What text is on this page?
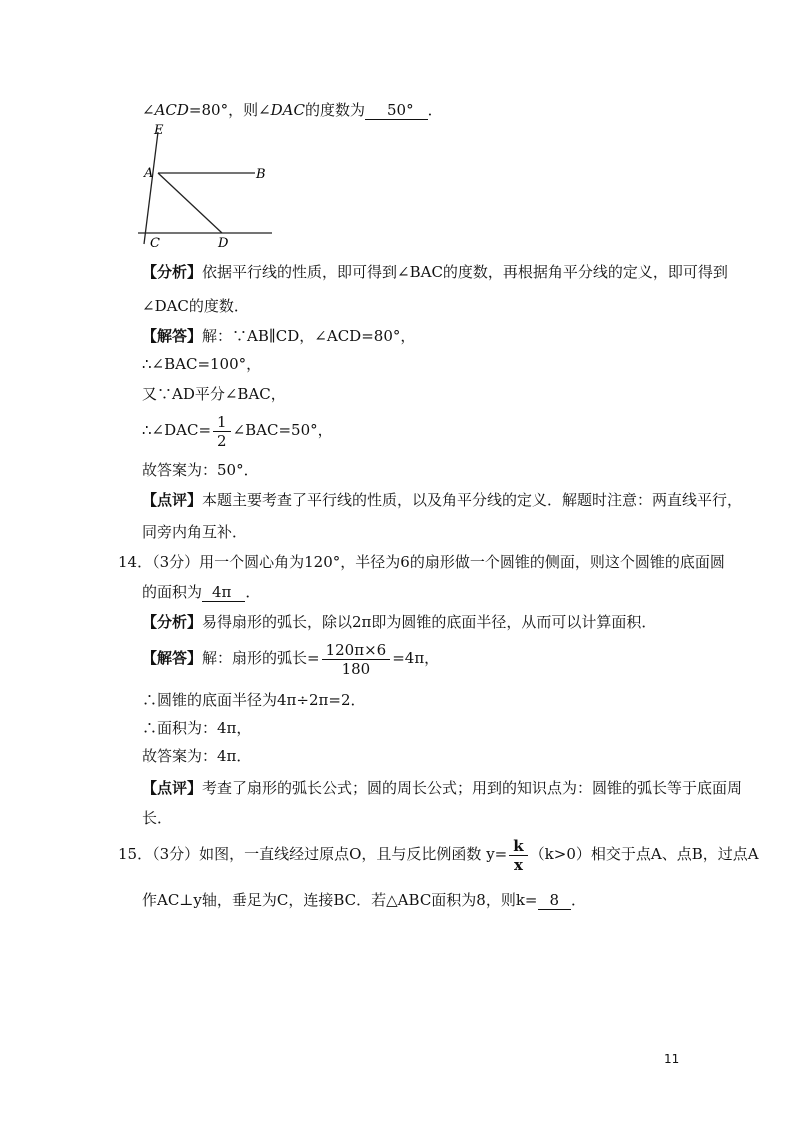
∠ACD=80°，则∠DAC的度数为 50° ．
E
A	B
C	D
【分析】依据平行线的性质，即可得到∠BAC的度数，再根据角平分线的定义，即可得到
∠DAC的度数．
【解答】解：∵AB∥CD，∠ACD=80°，
∴∠BAC=100°，
又∵AD平分∠BAC，
∴∠DAC= $\frac{1}{2}$ ∠BAC=50°，
故答案为：50°．
【点评】本题主要考查了平行线的性质，以及角平分线的定义．解题时注意：两直线平行，
同旁内角互补．
14．（3分）用一个圆心角为120°，半径为6的扇形做一个圆锥的侧面，则这个圆锥的底面圆
的面积为 4π ．
【分析】易得扇形的弧长，除以2π即为圆锥的底面半径，从而可以计算面积．
【解答】解：扇形的弧长= $\frac{120\pi\times 6}{180} =4\pi$，
∴圆锥的底面半径为4π÷2π=2．
∴面积为：4π，
故答案为：4π．
【点评】考查了扇形的弧长公式；圆的周长公式；用到的知识点为：圆锥的弧长等于底面周
长．
15．（3分）如图，一直线经过原点O，且与反比例函数 $y= \frac{k}{x} (k>0)$相交于点A、点B，过点A
作AC⊥y轴，垂足为C，连接BC．若△ABC面积为8，则k= 8 ．
11
